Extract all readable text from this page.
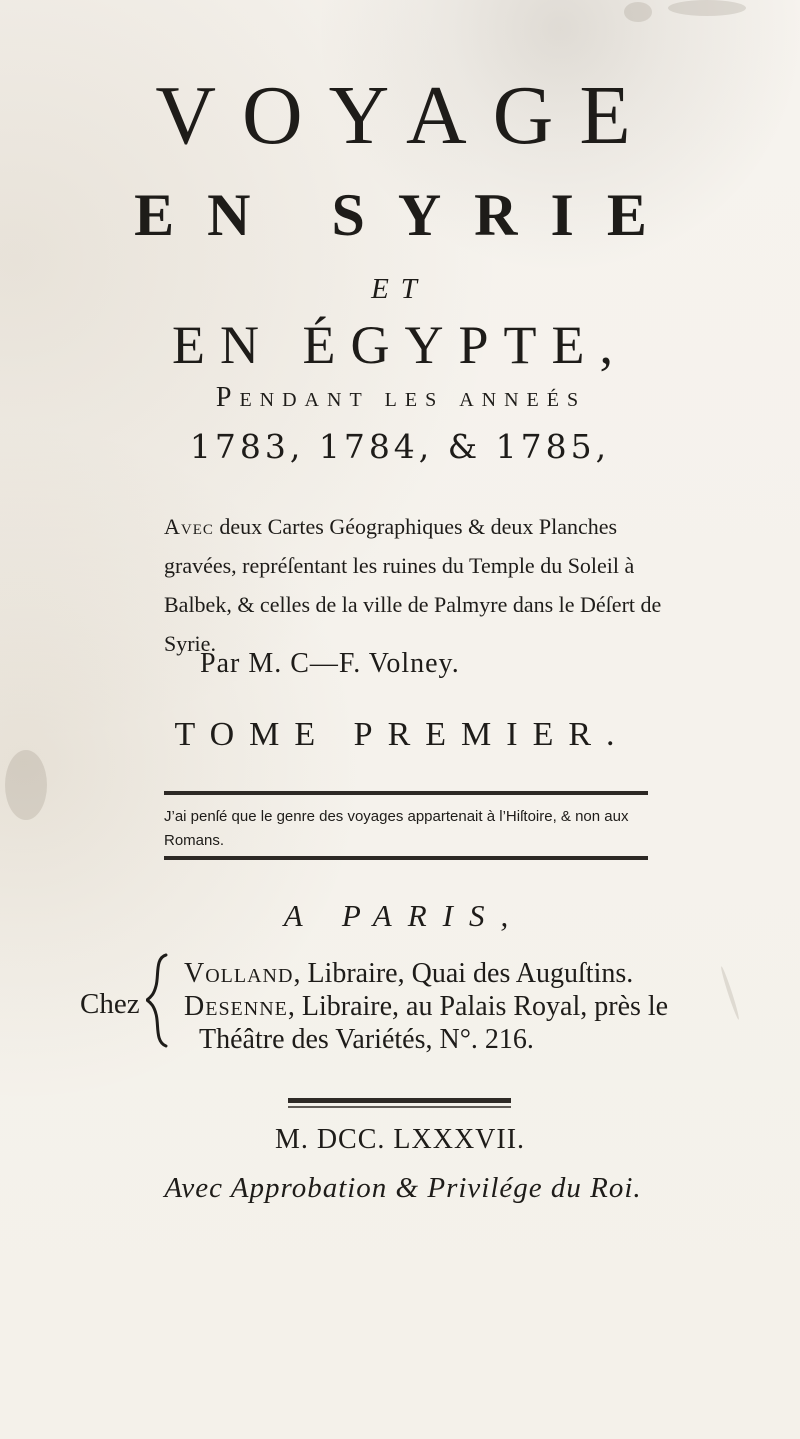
VOYAGE
EN SYRIE
ET
EN ÉGYPTE,
Pendant les anneés
1783, 1784, & 1785,

Avec deux Cartes Géographiques & deux Planches gravées, repréſentant les ruines du Temple du Soleil à Balbek, & celles de la ville de Palmyre dans le Déſert de Syrie.

Par M. C—F. Volney.
TOME PREMIER.

J’ai penſé que le genre des voyages appartenait à l’Hiſtoire, & non aux Romans.

A PARIS,
Chez
Volland, Libraire, Quai des Auguſtins.
Desenne, Libraire, au Palais Royal, près le
Théâtre des Variétés, N°. 216.
M. DCC. LXXXVII.
Avec Approbation & Privilége du Roi.
